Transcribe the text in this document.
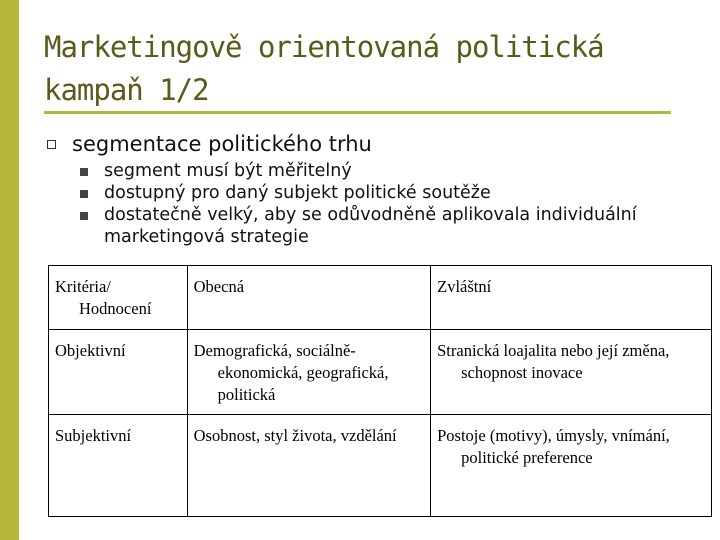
Marketingově orientovaná politická
kampaň 1/2
segmentace politického trhu
segment musí být měřitelný
dostupný pro daný subjekt politické soutěže
dostatečně velký, aby se odůvodněně aplikovala individuální marketingová strategie
Kritéria/ Hodnocení	Obecná	Zvláštní

Objektivní	Demografická, sociálně-ekonomická, geografická, politická	Stranická loajalita nebo její změna, schopnost inovace

Subjektivní	Osobnost, styl života, vzdělání	Postoje (motivy), úmysly, vnímání, politické preference
